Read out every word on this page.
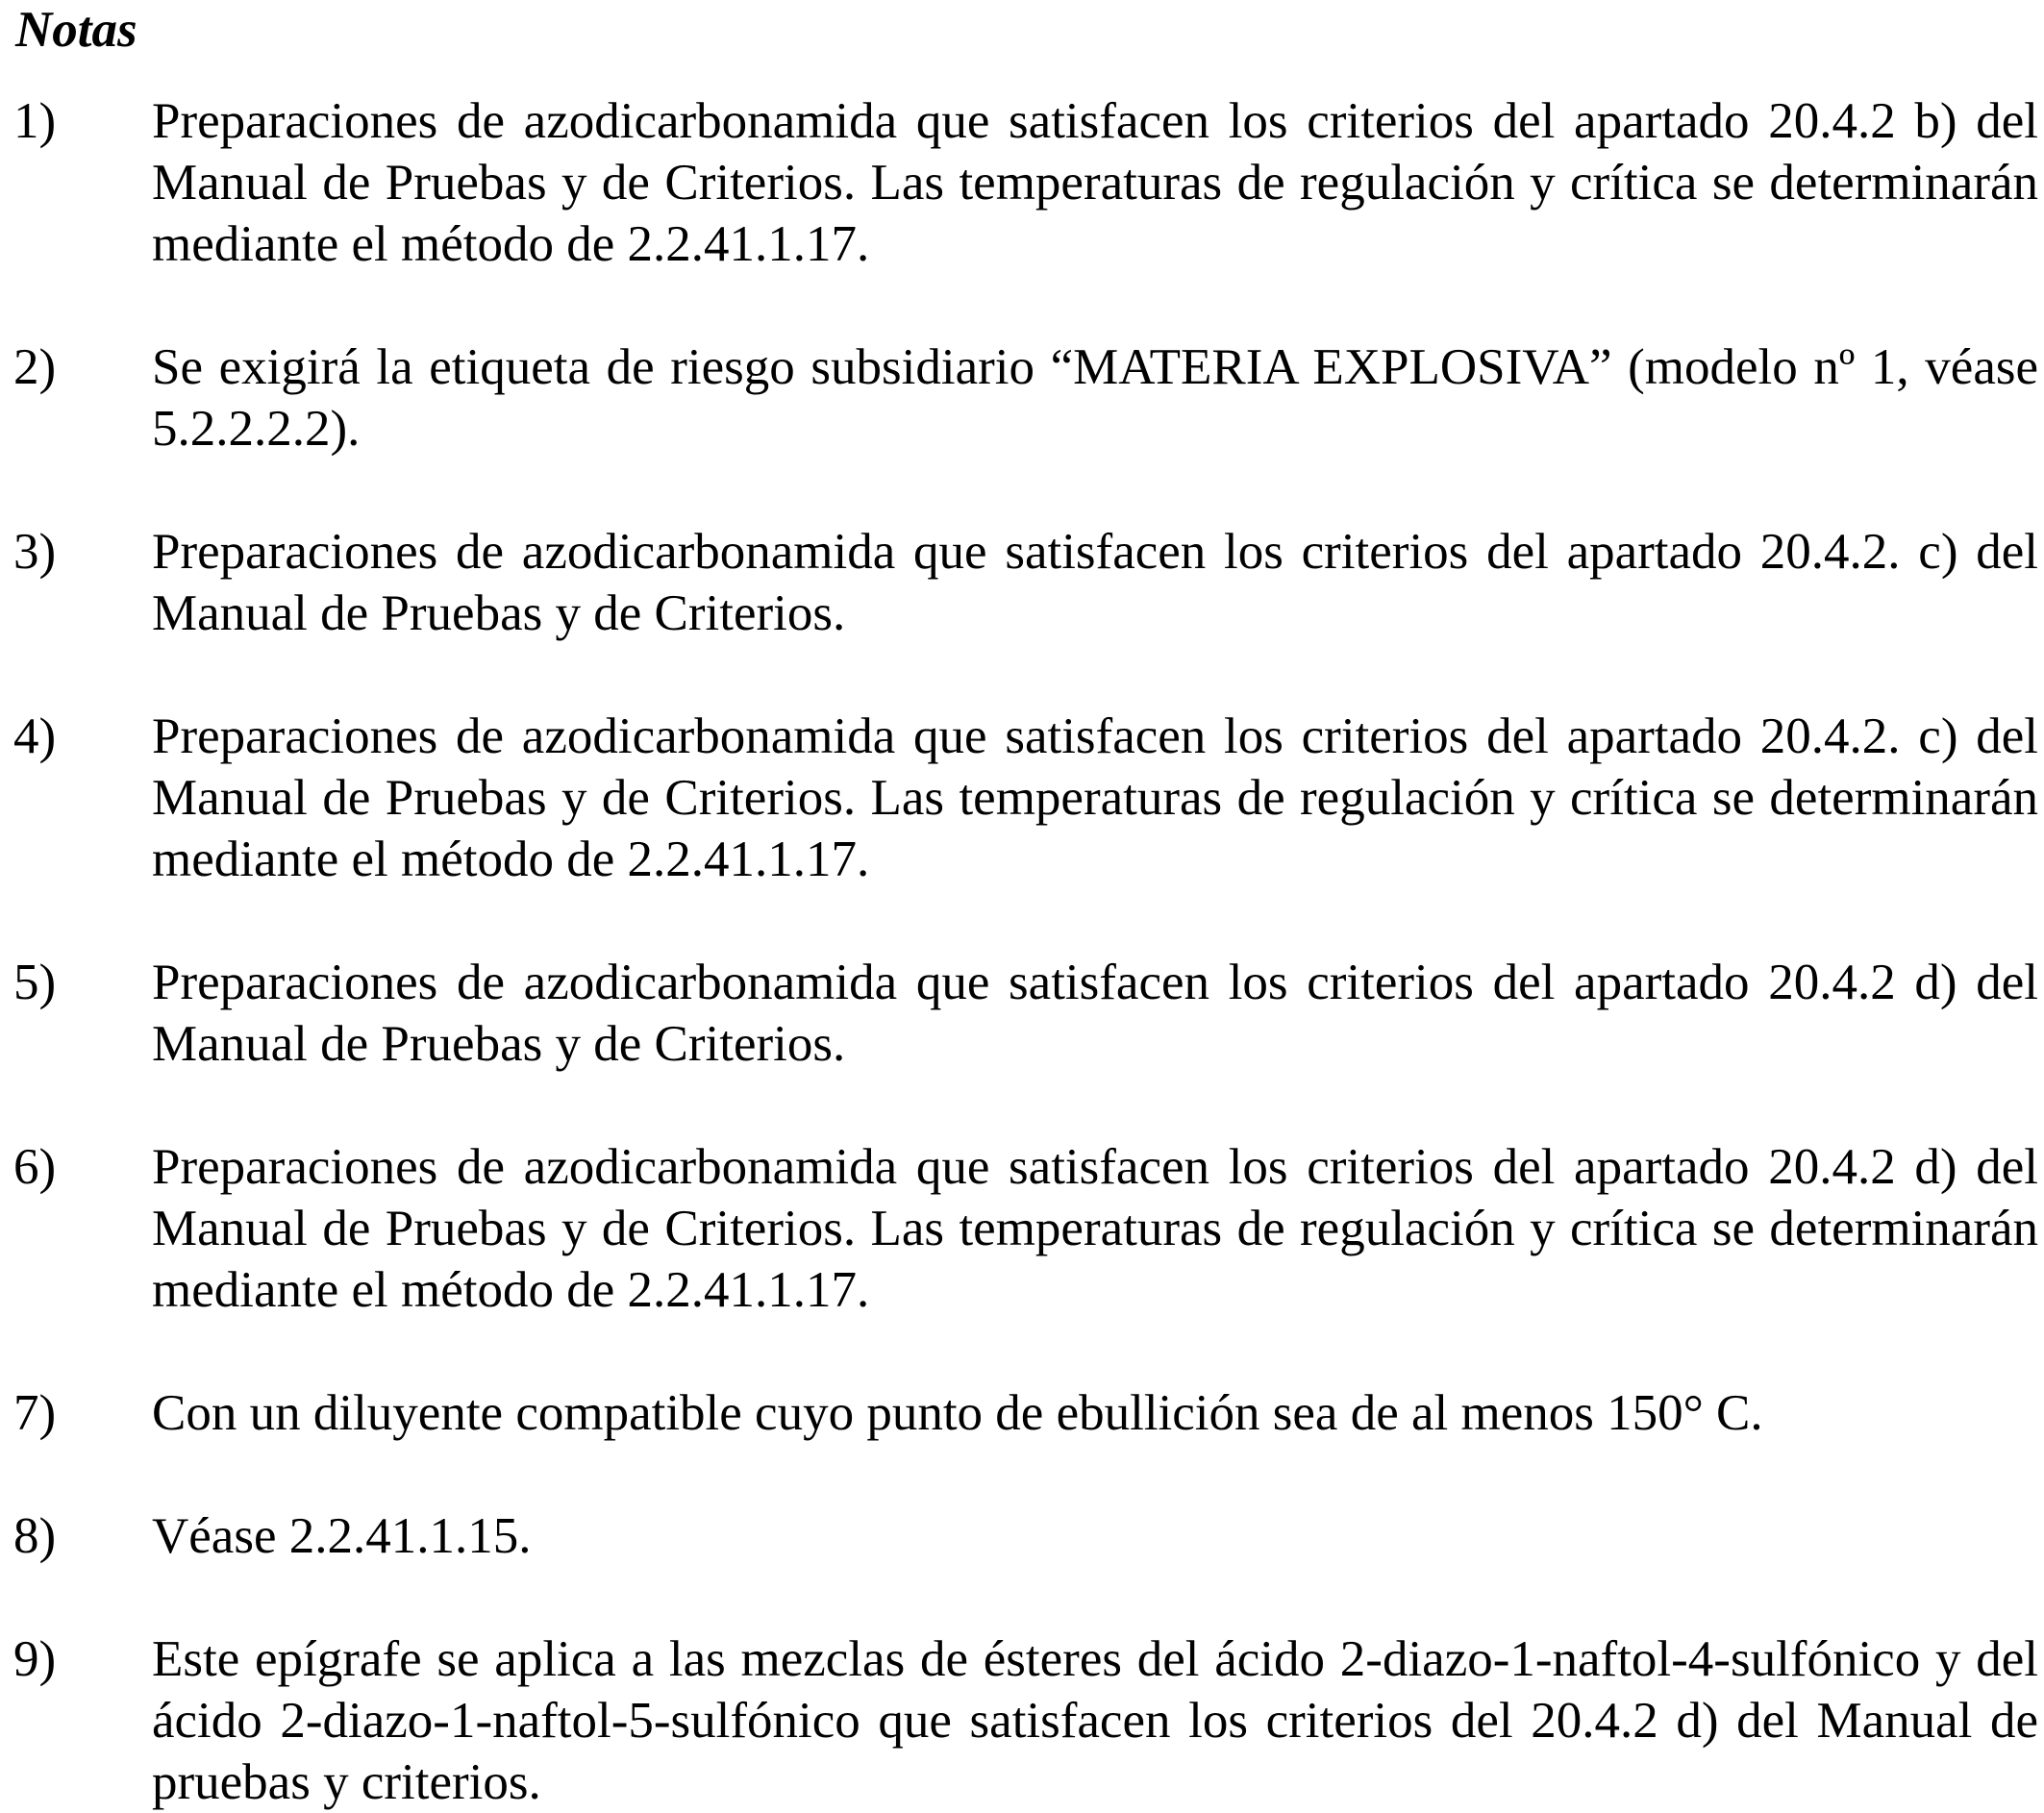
Notas

1) Preparaciones de azodicarbonamida que satisfacen los criterios del apartado 20.4.2 b) del Manual de Pruebas y de Criterios. Las temperaturas de regulación y crítica se determinarán mediante el método de 2.2.41.1.17.

2) Se exigirá la etiqueta de riesgo subsidiario “MATERIA EXPLOSIVA” (modelo nº 1, véase 5.2.2.2.2).

3) Preparaciones de azodicarbonamida que satisfacen los criterios del apartado 20.4.2. c) del Manual de Pruebas y de Criterios.

4) Preparaciones de azodicarbonamida que satisfacen los criterios del apartado 20.4.2. c) del Manual de Pruebas y de Criterios. Las temperaturas de regulación y crítica se determinarán mediante el método de 2.2.41.1.17.

5) Preparaciones de azodicarbonamida que satisfacen los criterios del apartado 20.4.2 d) del Manual de Pruebas y de Criterios.

6) Preparaciones de azodicarbonamida que satisfacen los criterios del apartado 20.4.2 d) del Manual de Pruebas y de Criterios. Las temperaturas de regulación y crítica se determinarán mediante el método de 2.2.41.1.17.

7) Con un diluyente compatible cuyo punto de ebullición sea de al menos 150° C.

8) Véase 2.2.41.1.15.

9) Este epígrafe se aplica a las mezclas de ésteres del ácido 2-diazo-1-naftol-4-sulfónico y del ácido 2-diazo-1-naftol-5-sulfónico que satisfacen los criterios del 20.4.2 d) del Manual de pruebas y criterios.
